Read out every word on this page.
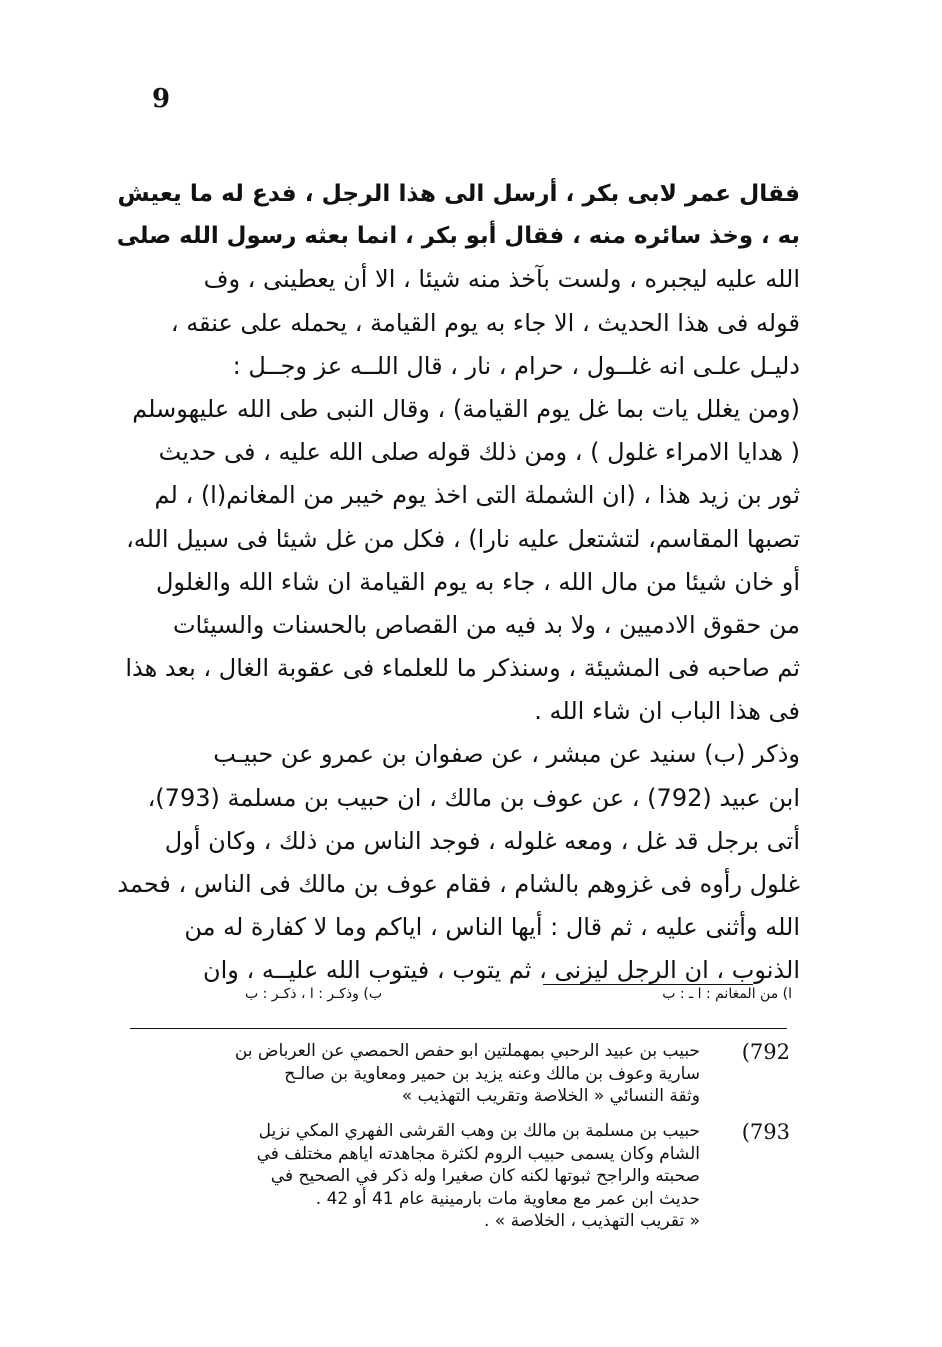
9
فقال عمر لابى بكر ، أرسل الى هذا الرجل ، فدع له ما يعيش
به ، وخذ سائره منه ، فقال أبو بكر ، انما بعثه رسول الله صلى
الله عليه ليجبره ، ولست بآخذ منه شيئا ، الا أن يعطينى ، وف
قوله فى هذا الحديث ، الا جاء به يوم القيامة ، يحمله على عنقه ،
دليـل علـى انه غلــول ، حرام ، نار ، قال اللــه عز وجــل :
(ومن يغلل يات بما غل يوم القيامة) ، وقال النبى طى الله عليهوسلم
( هدايا الامراء غلول ) ، ومن ذلك قوله صلى الله عليه ، فى حديث
ثور بن زيد هذا ، (ان الشملة التى اخذ يوم خيبر من المغانم(ا) ، لم
تصبها المقاسم، لتشتعل عليه نارا) ، فكل من غل شيئا فى سبيل الله،
أو خان شيئا من مال الله ، جاء به يوم القيامة ان شاء الله والغلول
من حقوق الادميين ، ولا بد فيه من القصاص بالحسنات والسيئات
ثم صاحبه فى المشيئة ، وسنذكر ما للعلماء فى عقوبة الغال ، بعد هذا
فى هذا الباب ان شاء الله .
وذكر (ب) سنيد عن مبشر ، عن صفوان بن عمرو عن حبيـب
ابن عبيد (792) ، عن عوف بن مالك ، ان حبيب بن مسلمة (793)،
أتى برجل قد غل ، ومعه غلوله ، فوجد الناس من ذلك ، وكان أول
غلول رأوه فى غزوهم بالشام ، فقام عوف بن مالك فى الناس ، فحمد
الله وأثنى عليه ، ثم قال : أيها الناس ، اياكم وما لا كفارة له من
الذنوب ، ان الرجل ليزنى ، ثم يتوب ، فيتوب الله عليــه ، وان
ا) من المغانم : ا ـ : ب
ب) وذكـر : ا ، ذكـر : ب
792)
حبيب بن عبيد الرحبي بمهملتين ابو حفص الحمصي عن العرباض بن
سارية وعوف بن مالك وعنه يزيد بن حمير ومعاوية بن صالـح
وثقة النسائي « الخلاصة وتقريب التهذيب »
793)
حبيب بن مسلمة بن مالك بن وهب القرشى الفهري المكي نزيل
الشام وكان يسمى حبيب الروم لكثرة مجاهدته اياهم مختلف في
صحبته والراجح ثبوتها لكنه كان صغيرا وله ذكر في الصحيح في
حديث ابن عمر مع معاوية مات بارمينية عام 41 أو 42 .
« تقريب التهذيب ، الخلاصة » .
